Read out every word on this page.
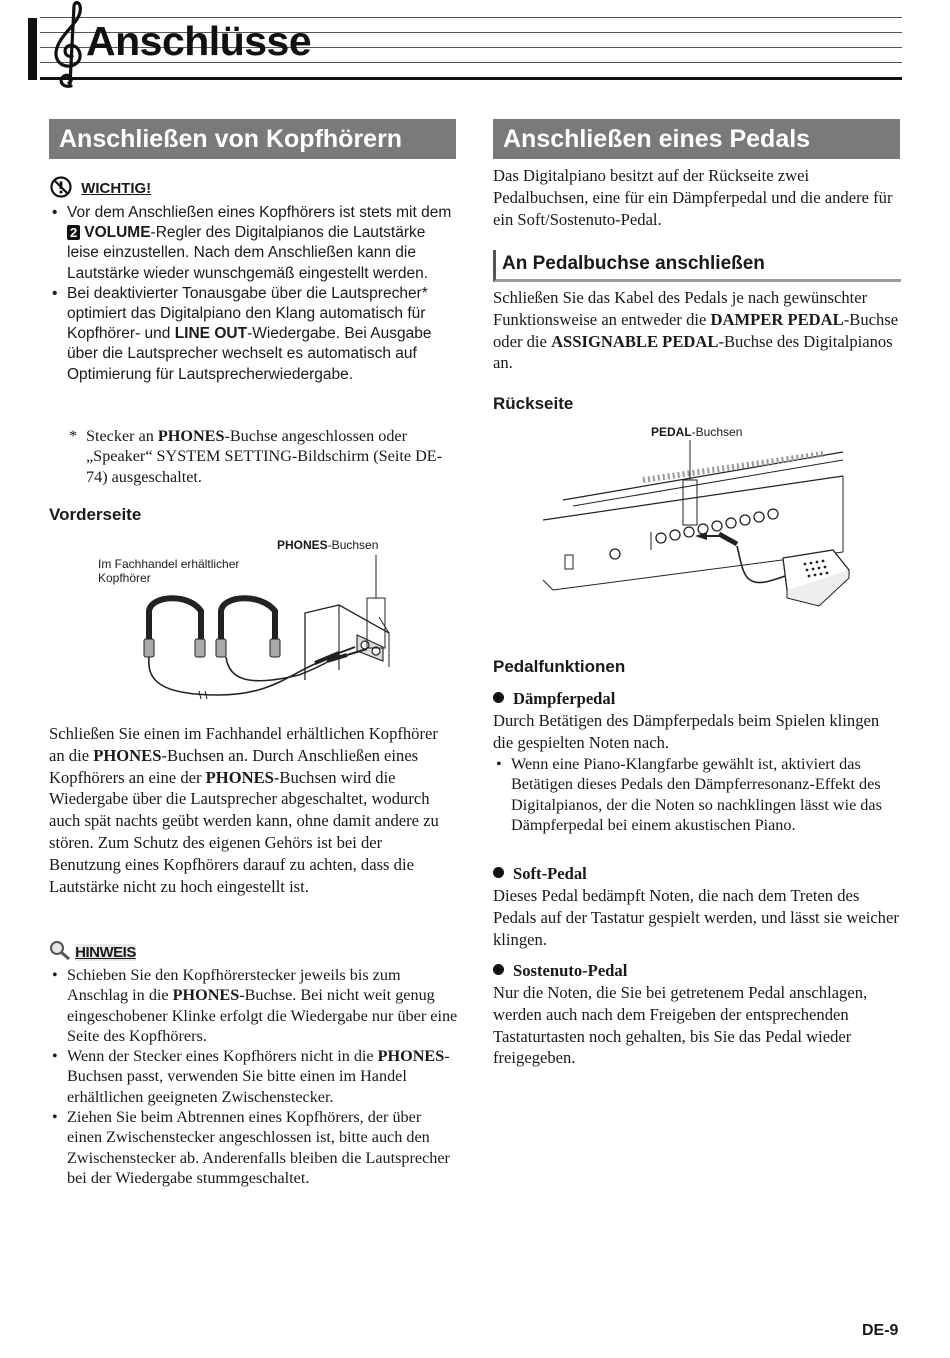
Anschlüsse
Anschließen von Kopfhörern
WICHTIG!
• Vor dem Anschließen eines Kopfhörers ist stets mit dem 2 VOLUME-Regler des Digitalpianos die Lautstärke leise einzustellen. Nach dem Anschließen kann die Lautstärke wieder wunschgemäß eingestellt werden.
• Bei deaktivierter Tonausgabe über die Lautsprecher* optimiert das Digitalpiano den Klang automatisch für Kopfhörer- und LINE OUT-Wiedergabe. Bei Ausgabe über die Lautsprecher wechselt es automatisch auf Optimierung für Lautsprecherwiedergabe.
* Stecker an PHONES-Buchse angeschlossen oder „Speaker“ SYSTEM SETTING-Bildschirm (Seite DE-74) ausgeschaltet.
Vorderseite
Im Fachhandel erhältlicher Kopfhörer
PHONES-Buchsen
Schließen Sie einen im Fachhandel erhältlichen Kopfhörer an die PHONES-Buchsen an. Durch Anschließen eines Kopfhörers an eine der PHONES-Buchsen wird die Wiedergabe über die Lautsprecher abgeschaltet, wodurch auch spät nachts geübt werden kann, ohne damit andere zu stören. Zum Schutz des eigenen Gehörs ist bei der Benutzung eines Kopfhörers darauf zu achten, dass die Lautstärke nicht zu hoch eingestellt ist.
HINWEIS
• Schieben Sie den Kopfhörerstecker jeweils bis zum Anschlag in die PHONES-Buchse. Bei nicht weit genug eingeschobener Klinke erfolgt die Wiedergabe nur über eine Seite des Kopfhörers.
• Wenn der Stecker eines Kopfhörers nicht in die PHONES-Buchsen passt, verwenden Sie bitte einen im Handel erhältlichen geeigneten Zwischenstecker.
• Ziehen Sie beim Abtrennen eines Kopfhörers, der über einen Zwischenstecker angeschlossen ist, bitte auch den Zwischenstecker ab. Anderenfalls bleiben die Lautsprecher bei der Wiedergabe stummgeschaltet.
Anschließen eines Pedals
Das Digitalpiano besitzt auf der Rückseite zwei Pedalbuchsen, eine für ein Dämpferpedal und die andere für ein Soft/Sostenuto-Pedal.
An Pedalbuchse anschließen
Schließen Sie das Kabel des Pedals je nach gewünschter Funktionsweise an entweder die DAMPER PEDAL-Buchse oder die ASSIGNABLE PEDAL-Buchse des Digitalpianos an.
Rückseite
PEDAL-Buchsen
Pedalfunktionen
Dämpferpedal
Durch Betätigen des Dämpferpedals beim Spielen klingen die gespielten Noten nach.
• Wenn eine Piano-Klangfarbe gewählt ist, aktiviert das Betätigen dieses Pedals den Dämpferresonanz-Effekt des Digitalpianos, der die Noten so nachklingen lässt wie das Dämpferpedal bei einem akustischen Piano.
Soft-Pedal
Dieses Pedal bedämpft Noten, die nach dem Treten des Pedals auf der Tastatur gespielt werden, und lässt sie weicher klingen.
Sostenuto-Pedal
Nur die Noten, die Sie bei getretenem Pedal anschlagen, werden auch nach dem Freigeben der entsprechenden Tastaturtasten noch gehalten, bis Sie das Pedal wieder freigegeben.
DE-9
